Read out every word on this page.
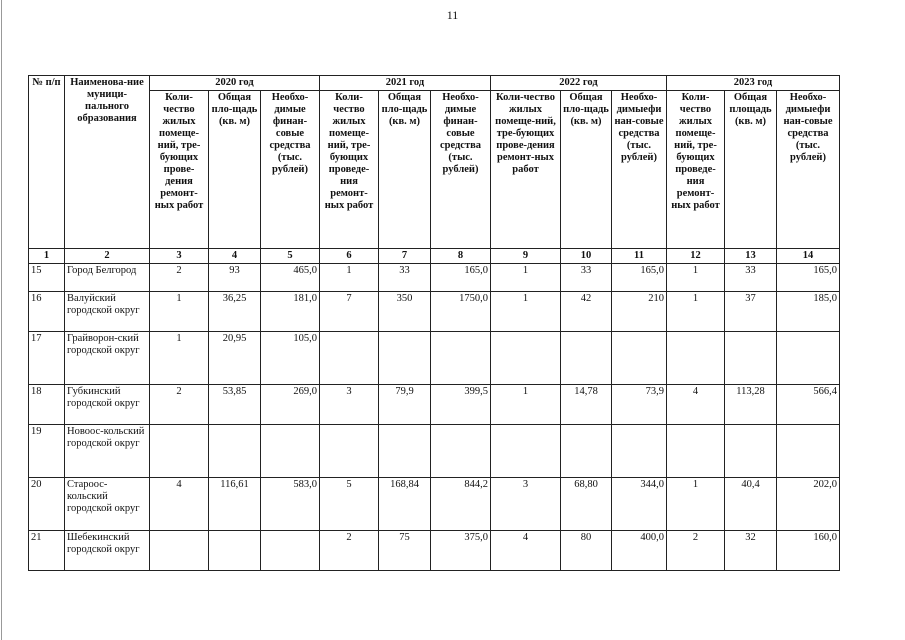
11
№ п/п	Наименова-ние муници-пального образования	2020 год			2021 год			2022 год			2023 год		
		Коли-чество жилых помеще-ний, тре-бующих прове-дения ремонт-ных работ	Общая пло-щадь (кв. м)	Необхо-димые финан-совые средства (тыс. рублей)	Коли-чество жилых помеще-ний, тре-бующих проведе-ния ремонт-ных работ	Общая пло-щадь (кв. м)	Необхо-димые финан-совые средства (тыс. рублей)	Коли-чество жилых помеще-ний, тре-бующих прове-дения ремонт-ных работ	Общая пло-щадь (кв. м)	Необхо-димыефи нан-совые средства (тыс. рублей)	Коли-чество жилых помеще-ний, тре-бующих проведе-ния ремонт-ных работ	Общая площадь (кв. м)	Необхо-димыефи нан-совые средства (тыс. рублей)
1	2	3	4	5	6	7	8	9	10	11	12	13	14
15	Город Белгород	2	93	465,0	1	33	165,0	1	33	165,0	1	33	165,0
16	Валуйский городской округ	1	36,25	181,0	7	350	1750,0	1	42	210	1	37	185,0
17	Грайворон-ский городской округ	1	20,95	105,0									
18	Губкинский городской округ	2	53,85	269,0	3	79,9	399,5	1	14,78	73,9	4	113,28	566,4
19	Новоос-кольский городской округ												
20	Староос-кольский городской округ	4	116,61	583,0	5	168,84	844,2	3	68,80	344,0	1	40,4	202,0
21	Шебекинский городской округ				2	75	375,0	4	80	400,0	2	32	160,0
